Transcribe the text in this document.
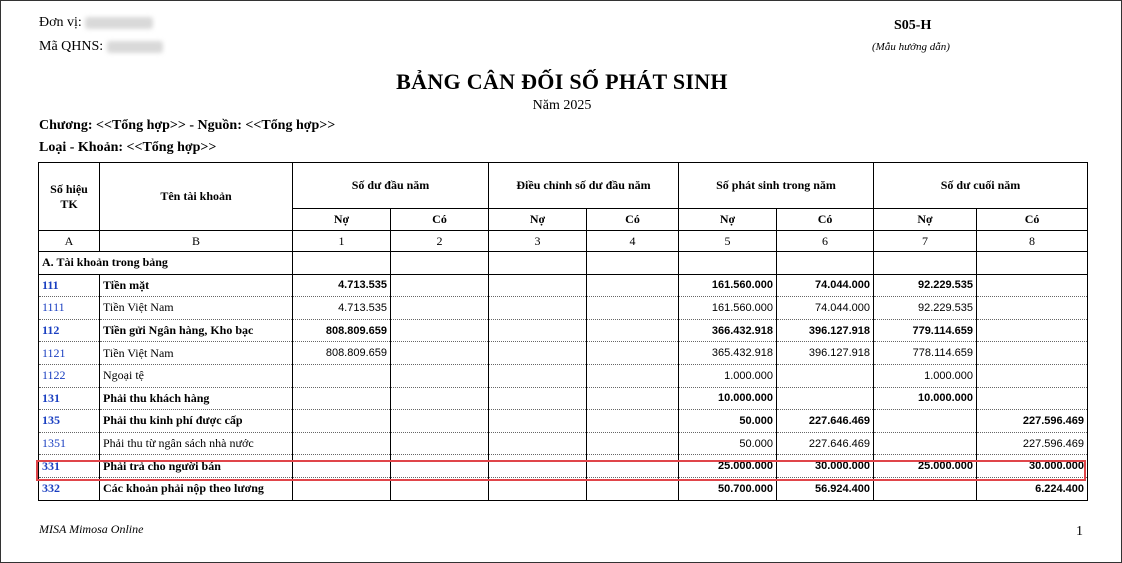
Đơn vị:
Mã QHNS:
S05-H
(Mẫu hướng dẫn)
BẢNG CÂN ĐỐI SỐ PHÁT SINH
Năm 2025
Chương: <<Tổng hợp>> - Nguồn: <<Tổng hợp>>
Loại - Khoản: <<Tổng hợp>>
Số hiệu TK	Tên tài khoản	Số dư đầu năm		Điều chỉnh số dư đầu năm		Số phát sinh trong năm		Số dư cuối năm	
		Nợ	Có	Nợ	Có	Nợ	Có	Nợ	Có
A	B	1	2	3	4	5	6	7	8
A. Tài khoản trong bảng									
111	Tiền mặt	4.713.535				161.560.000	74.044.000	92.229.535	
1111	Tiền Việt Nam	4.713.535				161.560.000	74.044.000	92.229.535	
112	Tiền gửi Ngân hàng, Kho bạc	808.809.659				366.432.918	396.127.918	779.114.659	
1121	Tiền Việt Nam	808.809.659				365.432.918	396.127.918	778.114.659	
1122	Ngoại tệ					1.000.000		1.000.000	
131	Phải thu khách hàng					10.000.000		10.000.000	
135	Phải thu kinh phí được cấp					50.000	227.646.469		227.596.469
1351	Phải thu từ ngân sách nhà nước					50.000	227.646.469		227.596.469
331	Phải trả cho người bán					25.000.000	30.000.000	25.000.000	30.000.000
332	Các khoản phải nộp theo lương					50.700.000	56.924.400		6.224.400
MISA Mimosa Online	1
